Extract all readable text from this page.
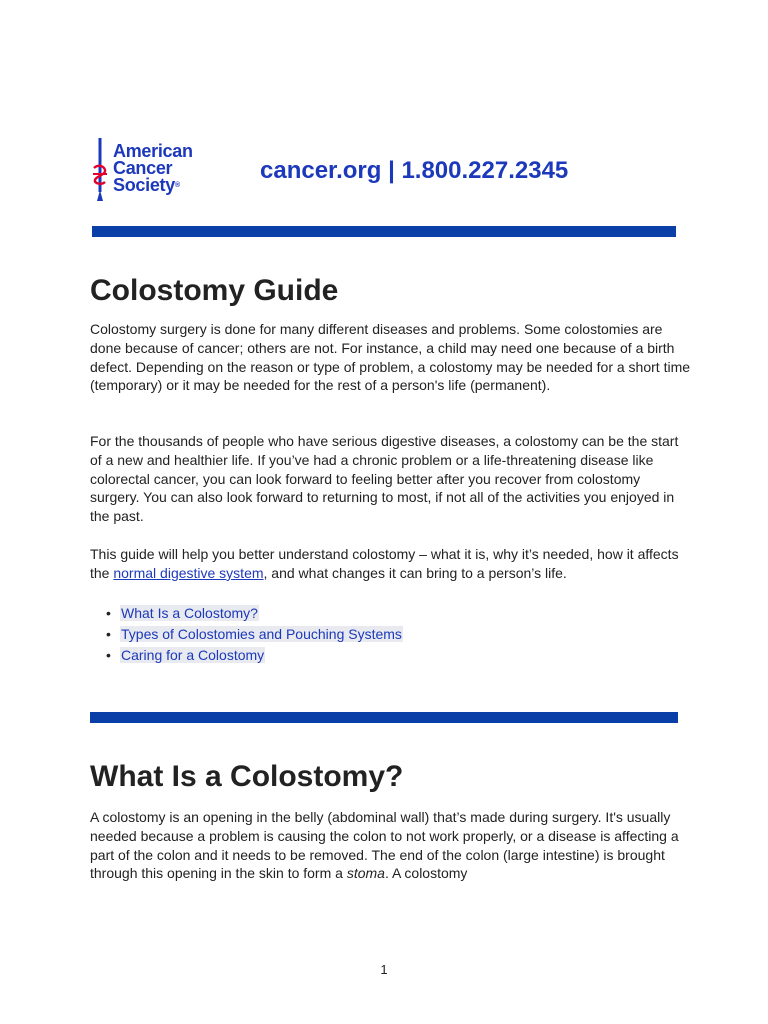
American
Cancer
Society®
cancer.org | 1.800.227.2345
Colostomy Guide

Colostomy surgery is done for many different diseases and problems. Some colostomies are done because of cancer; others are not. For instance, a child may need one because of a birth defect. Depending on the reason or type of problem, a colostomy may be needed for a short time (temporary) or it may be needed for the rest of a person's life (permanent).

For the thousands of people who have serious digestive diseases, a colostomy can be the start of a new and healthier life. If you’ve had a chronic problem or a life-threatening disease like colorectal cancer, you can look forward to feeling better after you recover from colostomy surgery. You can also look forward to returning to most, if not all of the activities you enjoyed in the past.

This guide will help you better understand colostomy – what it is, why it’s needed, how it affects the normal digestive system, and what changes it can bring to a person’s life.

• What Is a Colostomy?
• Types of Colostomies and Pouching Systems
• Caring for a Colostomy
What Is a Colostomy?

A colostomy is an opening in the belly (abdominal wall) that’s made during surgery. It's usually needed because a problem is causing the colon to not work properly, or a disease is affecting a part of the colon and it needs to be removed. The end of the colon (large intestine) is brought through this opening in the skin to form a stoma. A colostomy

1
